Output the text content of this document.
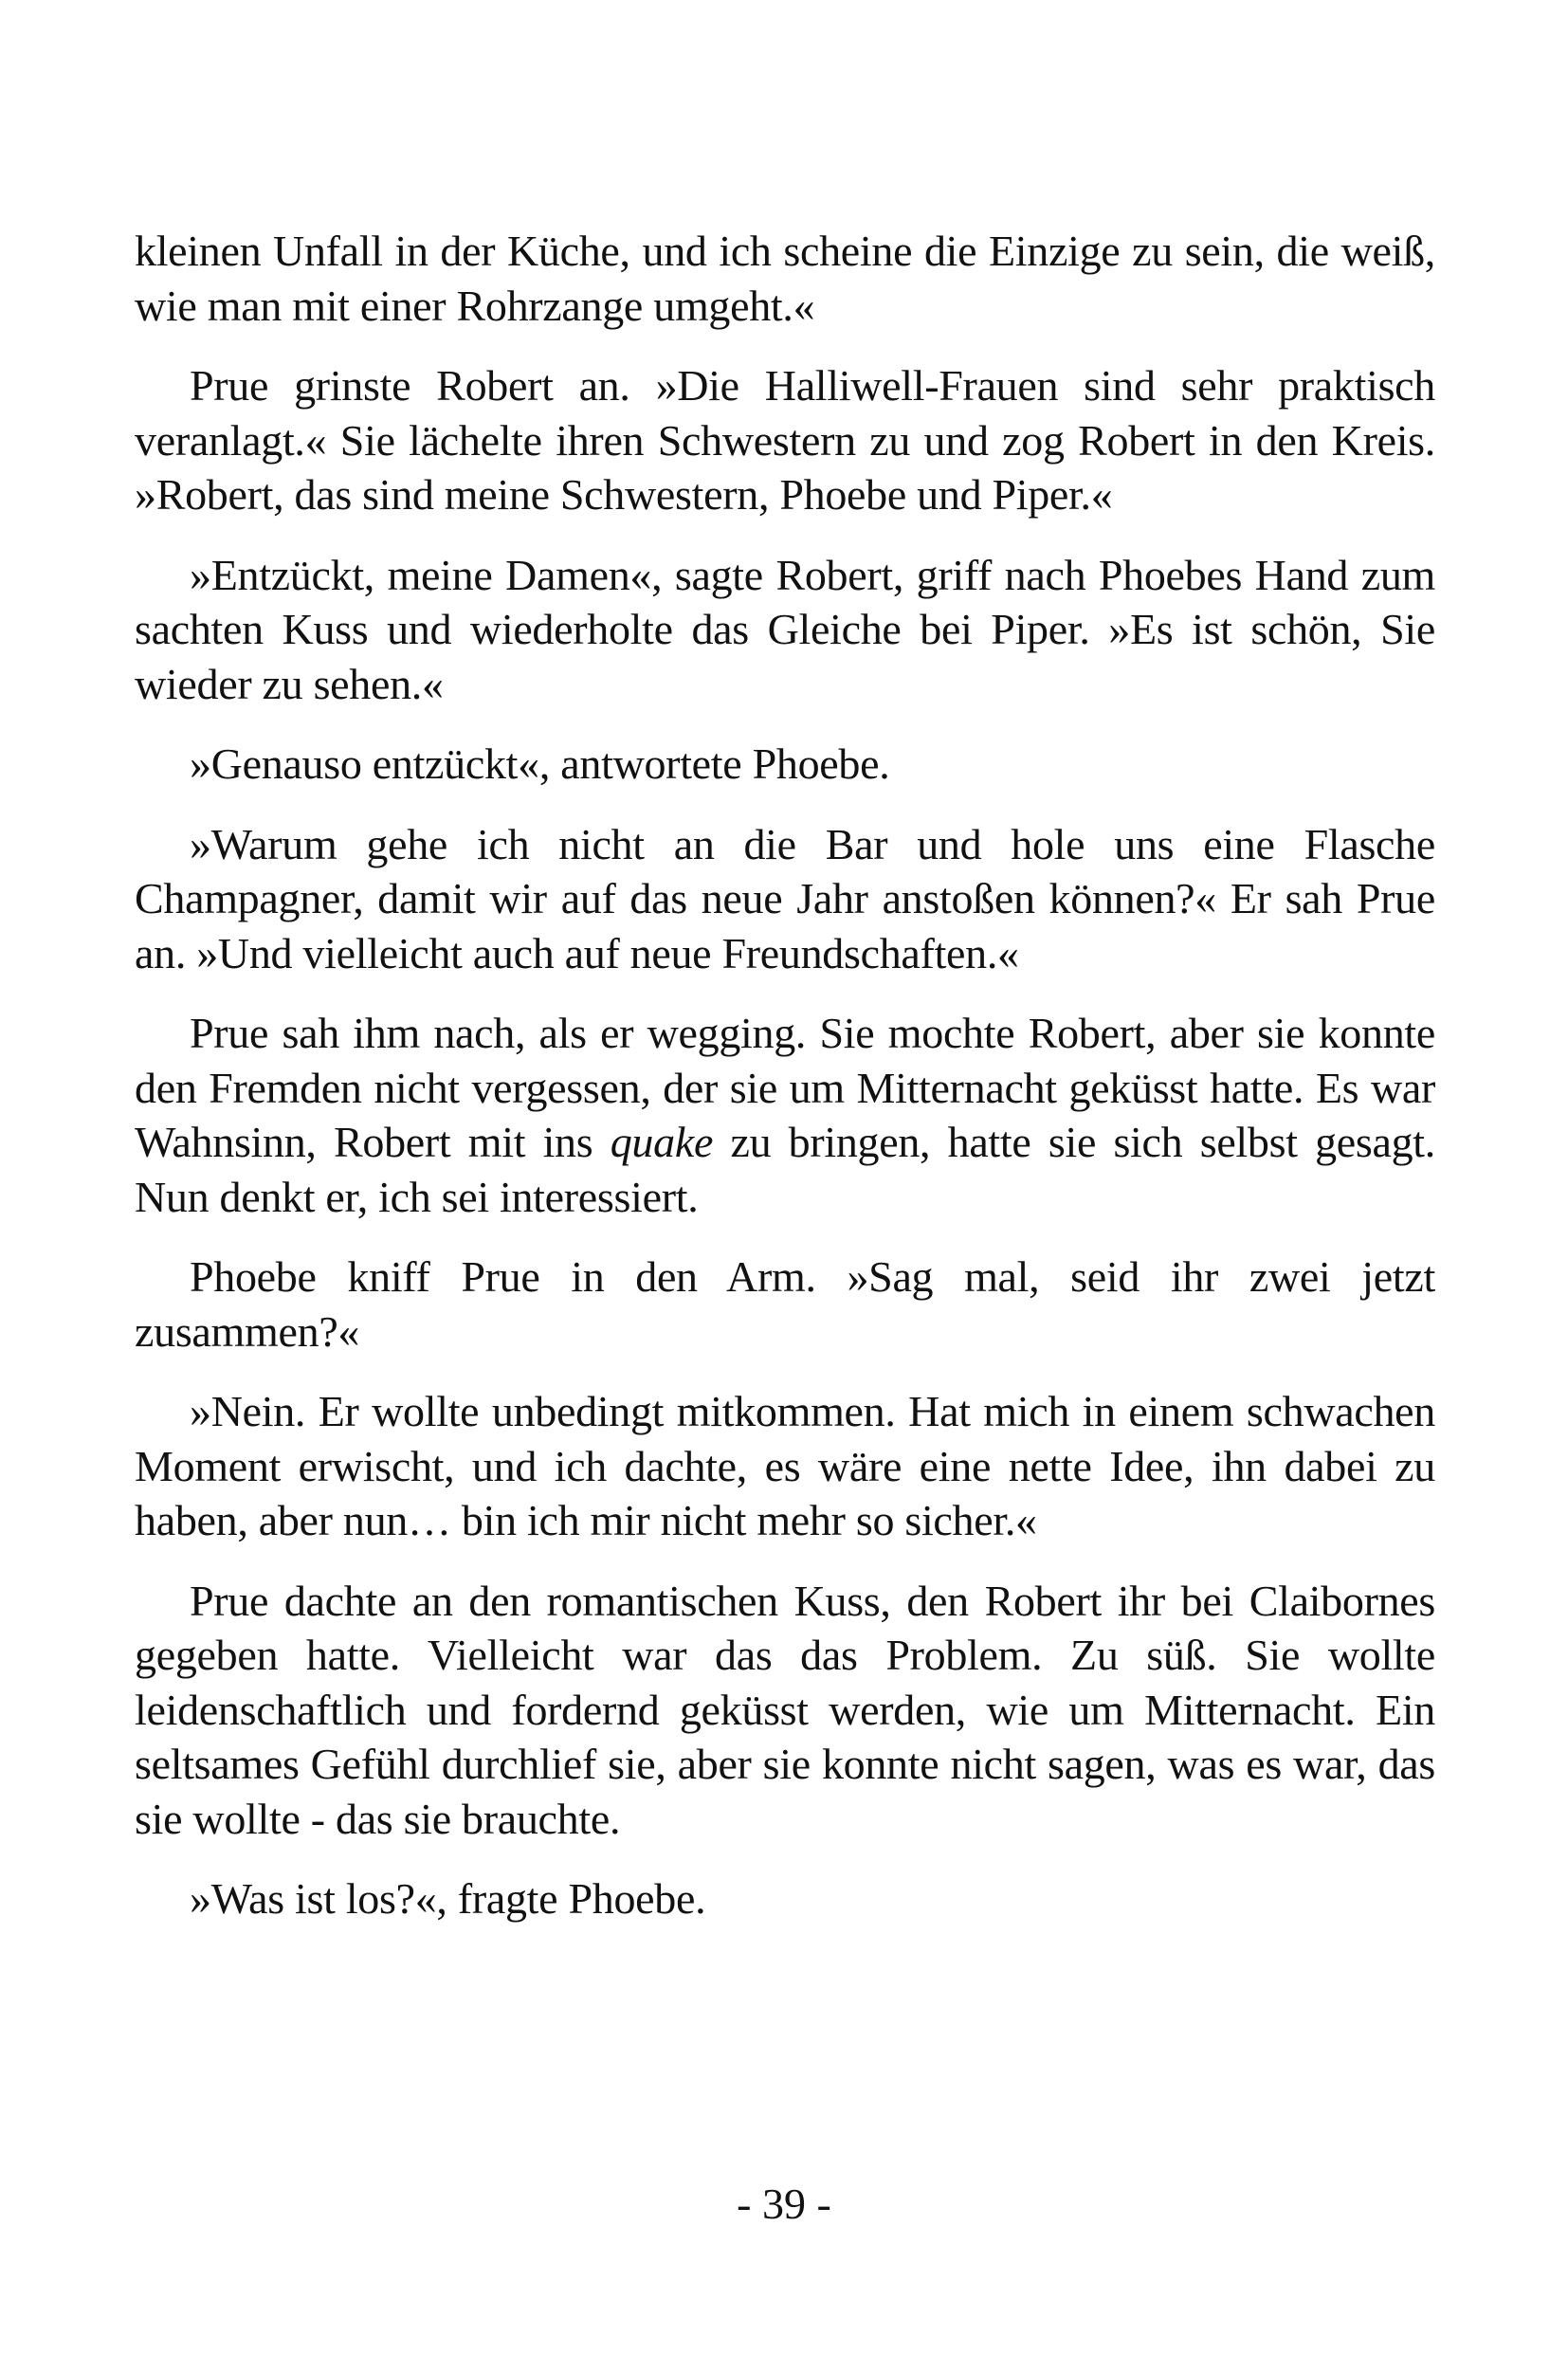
kleinen Unfall in der Küche, und ich scheine die Einzige zu sein, die weiß, wie man mit einer Rohrzange umgeht.«

Prue grinste Robert an. »Die Halliwell-Frauen sind sehr praktisch veranlagt.« Sie lächelte ihren Schwestern zu und zog Robert in den Kreis. »Robert, das sind meine Schwestern, Phoebe und Piper.«

»Entzückt, meine Damen«, sagte Robert, griff nach Phoebes Hand zum sachten Kuss und wiederholte das Gleiche bei Piper. »Es ist schön, Sie wieder zu sehen.«

»Genauso entzückt«, antwortete Phoebe.

»Warum gehe ich nicht an die Bar und hole uns eine Flasche Champagner, damit wir auf das neue Jahr anstoßen können?« Er sah Prue an. »Und vielleicht auch auf neue Freundschaften.«

Prue sah ihm nach, als er wegging. Sie mochte Robert, aber sie konnte den Fremden nicht vergessen, der sie um Mitternacht geküsst hatte. Es war Wahnsinn, Robert mit ins quake zu bringen, hatte sie sich selbst gesagt. Nun denkt er, ich sei interessiert.

Phoebe kniff Prue in den Arm. »Sag mal, seid ihr zwei jetzt zusammen?«

»Nein. Er wollte unbedingt mitkommen. Hat mich in einem schwachen Moment erwischt, und ich dachte, es wäre eine nette Idee, ihn dabei zu haben, aber nun… bin ich mir nicht mehr so sicher.«

Prue dachte an den romantischen Kuss, den Robert ihr bei Claibornes gegeben hatte. Vielleicht war das das Problem. Zu süß. Sie wollte leidenschaftlich und fordernd geküsst werden, wie um Mitternacht. Ein seltsames Gefühl durchlief sie, aber sie konnte nicht sagen, was es war, das sie wollte - das sie brauchte.

»Was ist los?«, fragte Phoebe.

- 39 -
